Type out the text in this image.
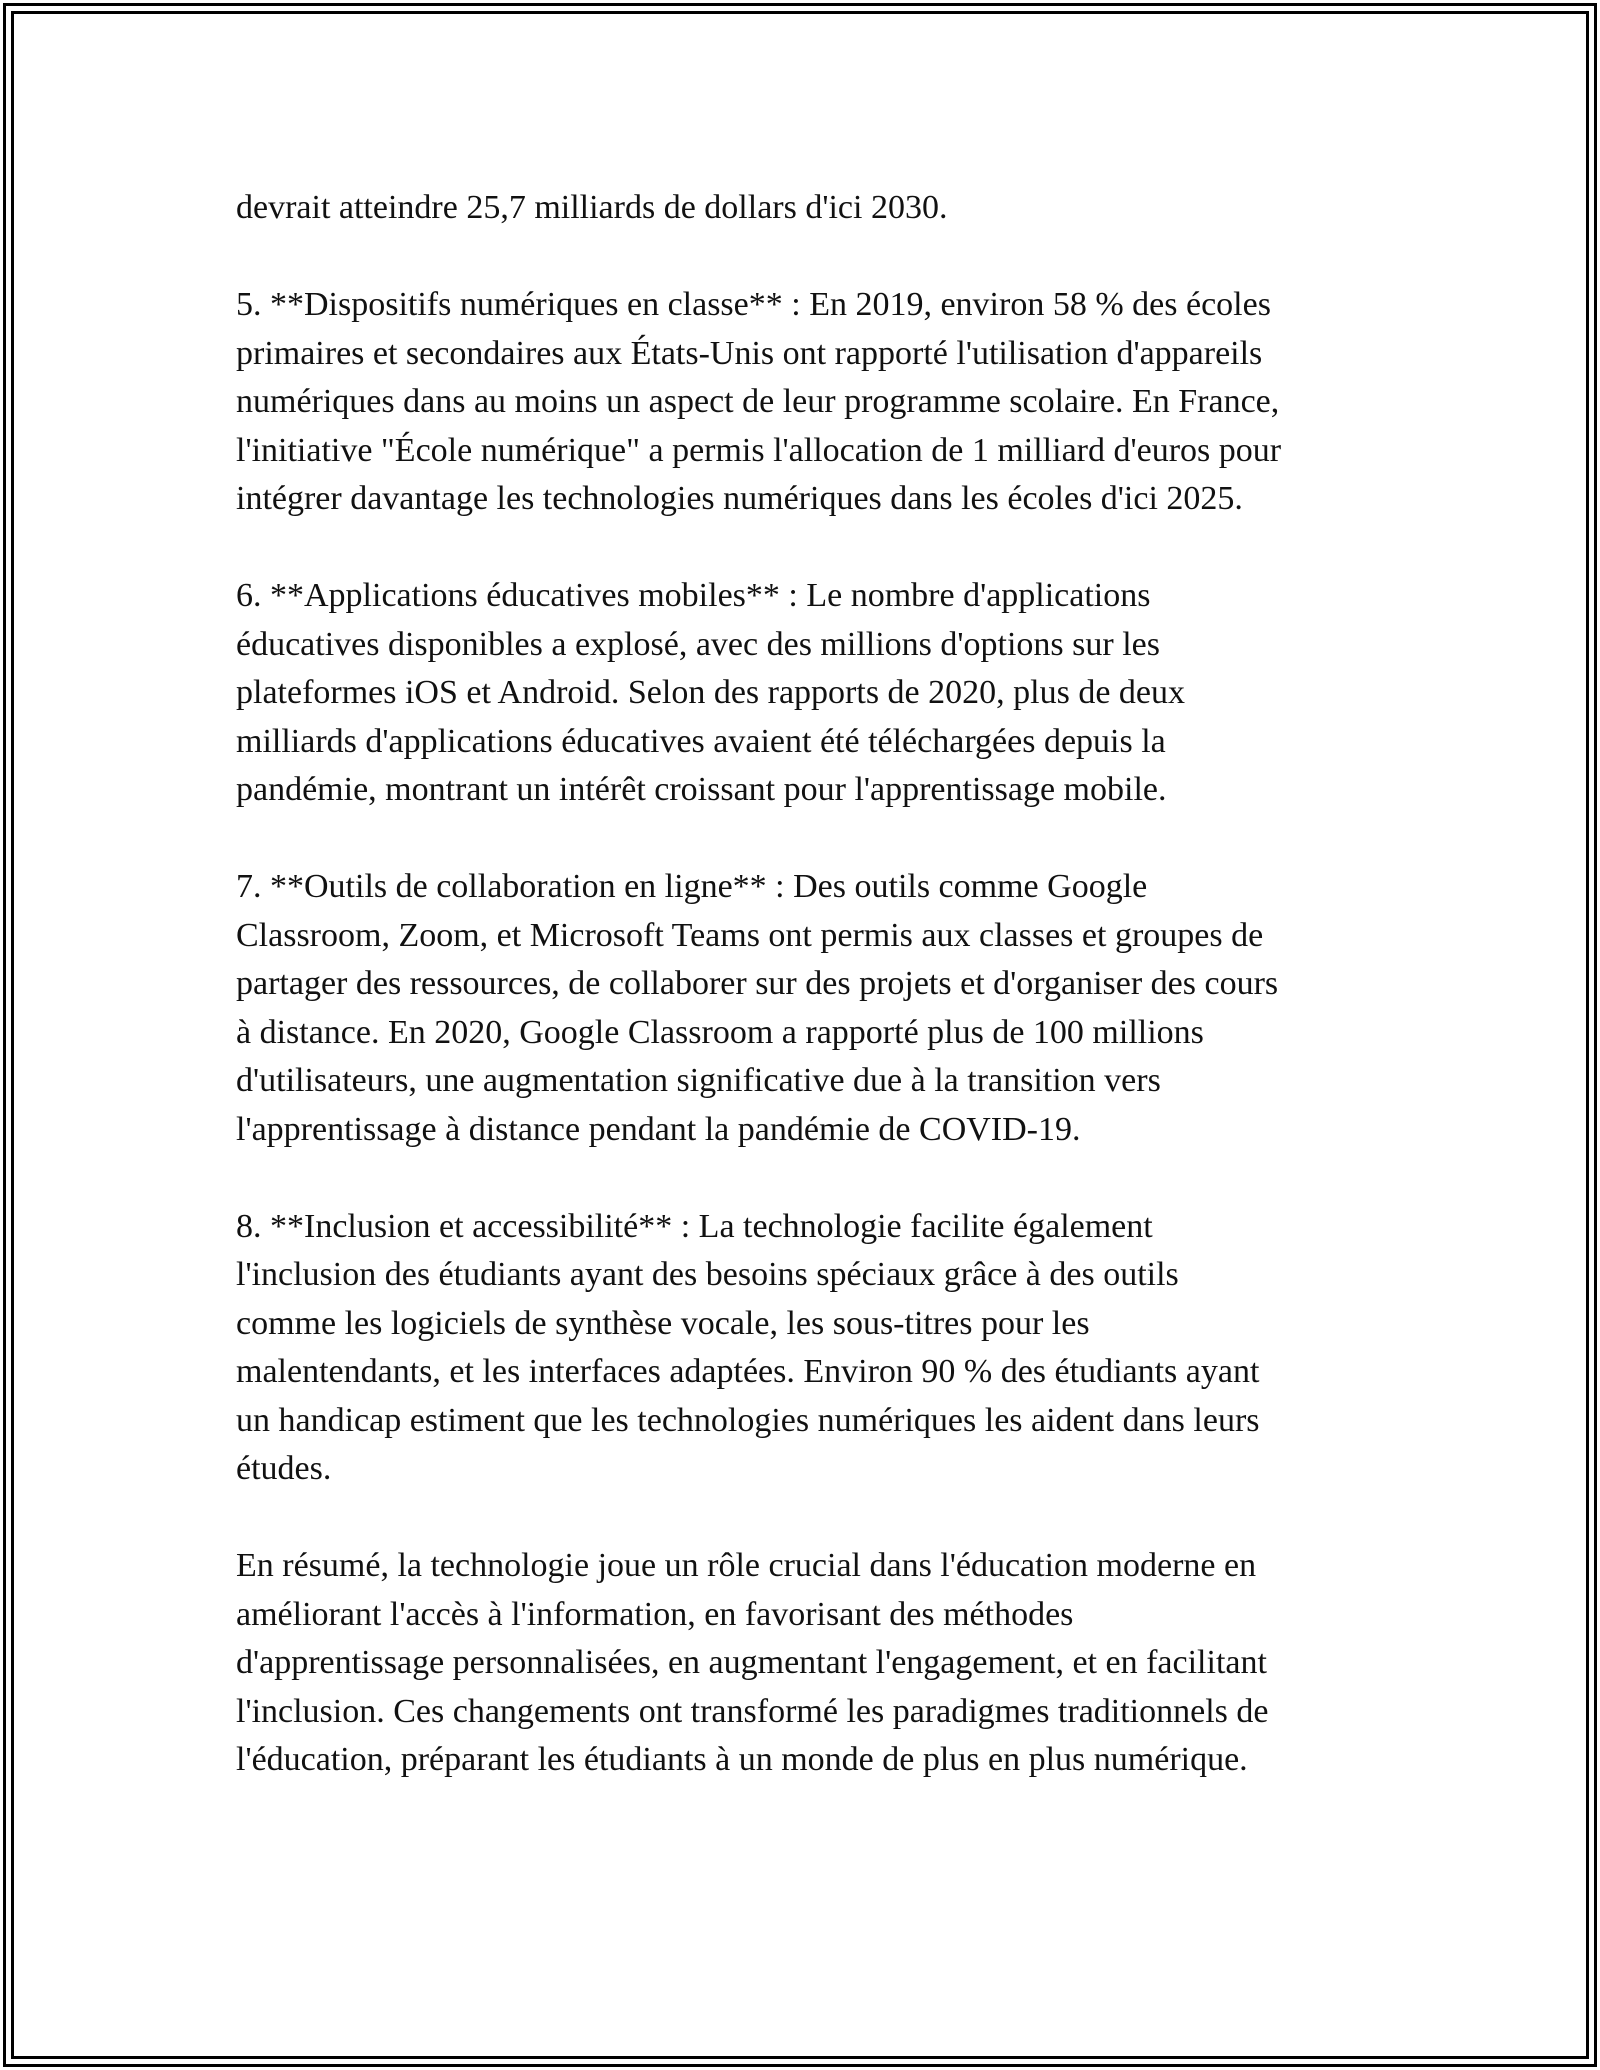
devrait atteindre 25,7 milliards de dollars d'ici 2030.

5. **Dispositifs numériques en classe** : En 2019, environ 58 % des écoles
primaires et secondaires aux États-Unis ont rapporté l'utilisation d'appareils
numériques dans au moins un aspect de leur programme scolaire. En France,
l'initiative "École numérique" a permis l'allocation de 1 milliard d'euros pour
intégrer davantage les technologies numériques dans les écoles d'ici 2025.

6. **Applications éducatives mobiles** : Le nombre d'applications
éducatives disponibles a explosé, avec des millions d'options sur les
plateformes iOS et Android. Selon des rapports de 2020, plus de deux
milliards d'applications éducatives avaient été téléchargées depuis la
pandémie, montrant un intérêt croissant pour l'apprentissage mobile.

7. **Outils de collaboration en ligne** : Des outils comme Google
Classroom, Zoom, et Microsoft Teams ont permis aux classes et groupes de
partager des ressources, de collaborer sur des projets et d'organiser des cours
à distance. En 2020, Google Classroom a rapporté plus de 100 millions
d'utilisateurs, une augmentation significative due à la transition vers
l'apprentissage à distance pendant la pandémie de COVID-19.

8. **Inclusion et accessibilité** : La technologie facilite également
l'inclusion des étudiants ayant des besoins spéciaux grâce à des outils
comme les logiciels de synthèse vocale, les sous-titres pour les
malentendants, et les interfaces adaptées. Environ 90 % des étudiants ayant
un handicap estiment que les technologies numériques les aident dans leurs
études.

En résumé, la technologie joue un rôle crucial dans l'éducation moderne en
améliorant l'accès à l'information, en favorisant des méthodes
d'apprentissage personnalisées, en augmentant l'engagement, et en facilitant
l'inclusion. Ces changements ont transformé les paradigmes traditionnels de
l'éducation, préparant les étudiants à un monde de plus en plus numérique.
